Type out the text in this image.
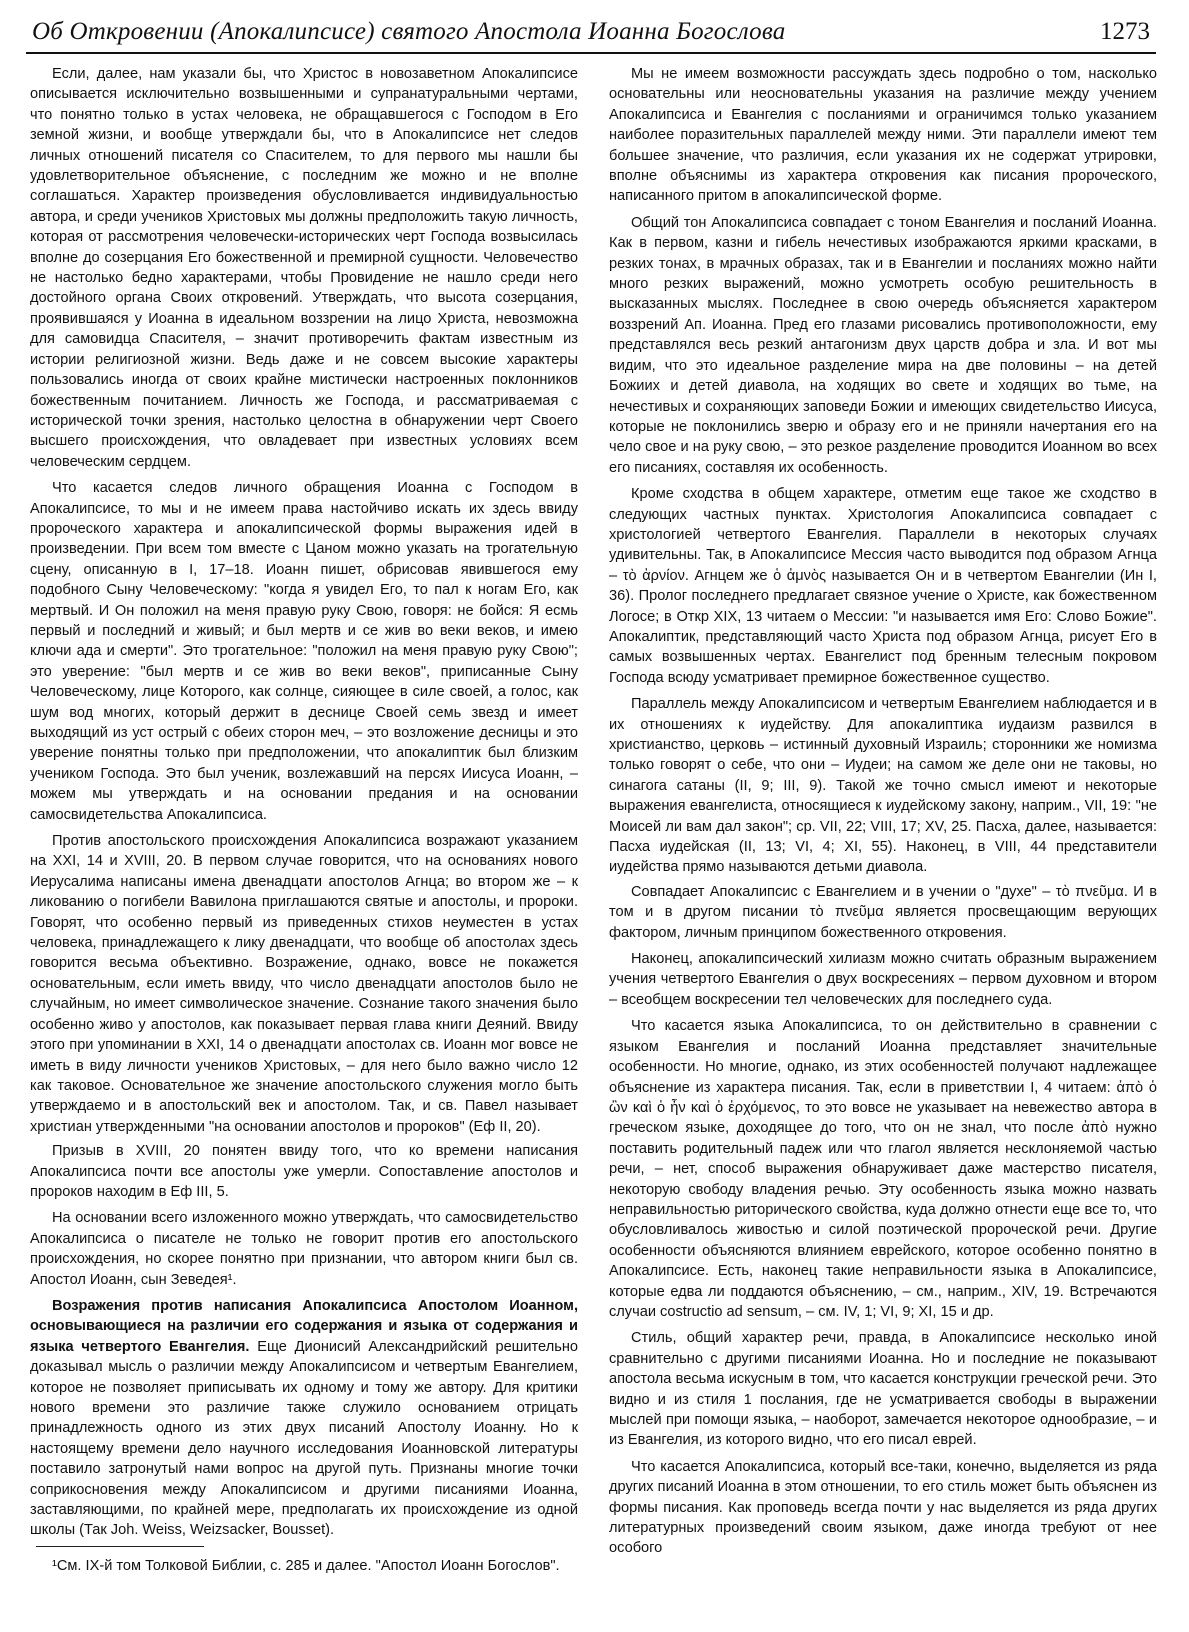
Об Откровении (Апокалипсисе) святого Апостола Иоанна Богослова	1273

Если, далее, нам указали бы, что Христос в новозаветном Апокалипсисе описывается исключительно возвышенными и супранатуральными чертами, что понятно только в устах человека, не обращавшегося с Господом в Его земной жизни, и вообще утверждали бы, что в Апокалипсисе нет следов личных отношений писателя со Спасителем, то для первого мы нашли бы удовлетворительное объяснение, с последним же можно и не вполне соглашаться. Характер произведения обусловливается индивидуальностью автора, и среди учеников Христовых мы должны предположить такую личность, которая от рассмотрения человечески-исторических черт Господа возвысилась вполне до созерцания Его божественной и премирной сущности. Человечество не настолько бедно характерами, чтобы Провидение не нашло среди него достойного органа Своих откровений. Утверждать, что высота созерцания, проявившаяся у Иоанна в идеальном воззрении на лицо Христа, невозможна для самовидца Спасителя, – значит противоречить фактам известным из истории религиозной жизни. Ведь даже и не совсем высокие характеры пользовались иногда от своих крайне мистически настроенных поклонников божественным почитанием. Личность же Господа, и рассматриваемая с исторической точки зрения, настолько целостна в обнаружении черт Своего высшего происхождения, что овладевает при известных условиях всем человеческим сердцем.

Что касается следов личного обращения Иоанна с Господом в Апокалипсисе, то мы и не имеем права настойчиво искать их здесь ввиду пророческого характера и апокалипсической формы выражения идей в произведении. При всем том вместе с Цаном можно указать на трогательную сцену, описанную в I, 17–18. Иоанн пишет, обрисовав явившегося ему подобного Сыну Человеческому: "когда я увидел Его, то пал к ногам Его, как мертвый. И Он положил на меня правую руку Свою, говоря: не бойся: Я есмь первый и последний и живый; и был мертв и се жив во веки веков, и имею ключи ада и смерти". Это трогательное: "положил на меня правую руку Свою"; это уверение: "был мертв и се жив во веки веков", приписанные Сыну Человеческому, лице Которого, как солнце, сияющее в силе своей, а голос, как шум вод многих, который держит в деснице Своей семь звезд и имеет выходящий из уст острый с обеих сторон меч, – это возложение десницы и это уверение понятны только при предположении, что апокалиптик был близким учеником Господа. Это был ученик, возлежавший на персях Иисуса Иоанн, – можем мы утверждать и на основании предания и на основании самосвидетельства Апокалипсиса.

Против апостольского происхождения Апокалипсиса возражают указанием на XXI, 14 и XVIII, 20. В первом случае говорится, что на основаниях нового Иерусалима написаны имена двенадцати апостолов Агнца; во втором же – к ликованию о погибели Вавилона приглашаются святые и апостолы, и пророки. Говорят, что особенно первый из приведенных стихов неуместен в устах человека, принадлежащего к лику двенадцати, что вообще об апостолах здесь говорится весьма объективно. Возражение, однако, вовсе не покажется основательным, если иметь ввиду, что число двенадцати апостолов было не случайным, но имеет символическое значение. Сознание такого значения было особенно живо у апостолов, как показывает первая глава книги Деяний. Ввиду этого при упоминании в XXI, 14 о двенадцати апостолах св. Иоанн мог вовсе не иметь в виду личности учеников Христовых, – для него было важно число 12 как таковое. Основательное же значение апостольского служения могло быть утверждаемо и в апостольский век и апостолом. Так, и св. Павел называет христиан утвержденными "на основании апостолов и пророков" (Еф II, 20).

Призыв в XVIII, 20 понятен ввиду того, что ко времени написания Апокалипсиса почти все апостолы уже умерли. Сопоставление апостолов и пророков находим в Еф III, 5.

На основании всего изложенного можно утверждать, что самосвидетельство Апокалипсиса о писателе не только не говорит против его апостольского происхождения, но скорее понятно при признании, что автором книги был св. Апостол Иоанн, сын Зеведея¹.

Возражения против написания Апокалипсиса Апостолом Иоанном, основывающиеся на различии его содержания и языка от содержания и языка четвертого Евангелия. Еще Дионисий Александрийский решительно доказывал мысль о различии между Апокалипсисом и четвертым Евангелием, которое не позволяет приписывать их одному и тому же автору. Для критики нового времени это различие также служило основанием отрицать принадлежность одного из этих двух писаний Апостолу Иоанну. Но к настоящему времени дело научного исследования Иоанновской литературы поставило затронутый нами вопрос на другой путь. Признаны многие точки соприкосновения между Апокалипсисом и другими писаниями Иоанна, заставляющими, по крайней мере, предполагать их происхождение из одной школы (Так Joh. Weiss, Weizsacker, Bousset).

Мы не имеем возможности рассуждать здесь подробно о том, насколько основательны или неосновательны указания на различие между учением Апокалипсиса и Евангелия с посланиями и ограничимся только указанием наиболее поразительных параллелей между ними. Эти параллели имеют тем большее значение, что различия, если указания их не содержат утрировки, вполне объяснимы из характера откровения как писания пророческого, написанного притом в апокалипсической форме.

Общий тон Апокалипсиса совпадает с тоном Евангелия и посланий Иоанна. Как в первом, казни и гибель нечестивых изображаются яркими красками, в резких тонах, в мрачных образах, так и в Евангелии и посланиях можно найти много резких выражений, можно усмотреть особую решительность в высказанных мыслях. Последнее в свою очередь объясняется характером воззрений Ап. Иоанна. Пред его глазами рисовались противоположности, ему представлялся весь резкий антагонизм двух царств добра и зла. И вот мы видим, что это идеальное разделение мира на две половины – на детей Божиих и детей диавола, на ходящих во свете и ходящих во тьме, на нечестивых и сохраняющих заповеди Божии и имеющих свидетельство Иисуса, которые не поклонились зверю и образу его и не приняли начертания его на чело свое и на руку свою, – это резкое разделение проводится Иоанном во всех его писаниях, составляя их особенность.

Кроме сходства в общем характере, отметим еще такое же сходство в следующих частных пунктах. Христология Апокалипсиса совпадает с христологией четвертого Евангелия. Параллели в некоторых случаях удивительны. Так, в Апокалипсисе Мессия часто выводится под образом Агнца – τὸ ἀρνίον. Агнцем же ὁ ἀμνὸς называется Он и в четвертом Евангелии (Ин I, 36). Пролог последнего предлагает связное учение о Христе, как божественном Логосе; в Откр XIX, 13 читаем о Мессии: "и называется имя Его: Слово Божие". Апокалиптик, представляющий часто Христа под образом Агнца, рисует Его в самых возвышенных чертах. Евангелист под бренным телесным покровом Господа всюду усматривает премирное божественное существо.

Параллель между Апокалипсисом и четвертым Евангелием наблюдается и в их отношениях к иудейству. Для апокалиптика иудаизм развился в христианство, церковь – истинный духовный Израиль; сторонники же номизма только говорят о себе, что они – Иудеи; на самом же деле они не таковы, но синагога сатаны (II, 9; III, 9). Такой же точно смысл имеют и некоторые выражения евангелиста, относящиеся к иудейскому закону, наприм., VII, 19: "не Моисей ли вам дал закон"; ср. VII, 22; VIII, 17; XV, 25. Пасха, далее, называется: Пасха иудейская (II, 13; VI, 4; XI, 55). Наконец, в VIII, 44 представители иудейства прямо называются детьми диавола.

Совпадает Апокалипсис с Евангелием и в учении о "духе" – τὸ πνεῦμα. И в том и в другом писании τὸ πνεῦμα является просвещающим верующих фактором, личным принципом божественного откровения.

Наконец, апокалипсический хилиазм можно считать образным выражением учения четвертого Евангелия о двух воскресениях – первом духовном и втором – всеобщем воскресении тел человеческих для последнего суда.

Что касается языка Апокалипсиса, то он действительно в сравнении с языком Евангелия и посланий Иоанна представляет значительные особенности. Но многие, однако, из этих особенностей получают надлежащее объяснение из характера писания. Так, если в приветствии I, 4 читаем: ἀπὸ ὁ ὢν καὶ ὁ ἦν καὶ ὁ ἐρχόμενος, то это вовсе не указывает на невежество автора в греческом языке, доходящее до того, что он не знал, что после ἀπὸ нужно поставить родительный падеж или что глагол является несклоняемой частью речи, – нет, способ выражения обнаруживает даже мастерство писателя, некоторую свободу владения речью. Эту особенность языка можно назвать неправильностью риторического свойства, куда должно отнести еще все то, что обусловливалось живостью и силой поэтической пророческой речи. Другие особенности объясняются влиянием еврейского, которое особенно понятно в Апокалипсисе. Есть, наконец такие неправильности языка в Апокалипсисе, которые едва ли поддаются объяснению, – см., наприм., XIV, 19. Встречаются случаи costructio ad sensum, – см. IV, 1; VI, 9; XI, 15 и др.

Стиль, общий характер речи, правда, в Апокалипсисе несколько иной сравнительно с другими писаниями Иоанна. Но и последние не показывают апостола весьма искусным в том, что касается конструкции греческой речи. Это видно и из стиля 1 послания, где не усматривается свободы в выражении мыслей при помощи языка, – наоборот, замечается некоторое однообразие, – и из Евангелия, из которого видно, что его писал еврей.

Что касается Апокалипсиса, который все-таки, конечно, выделяется из ряда других писаний Иоанна в этом отношении, то его стиль может быть объяснен из формы писания. Как проповедь всегда почти у нас выделяется из ряда других литературных произведений своим языком, даже иногда требуют от нее особого

¹См. IX-й том Толковой Библии, с. 285 и далее. "Апостол Иоанн Богослов".
